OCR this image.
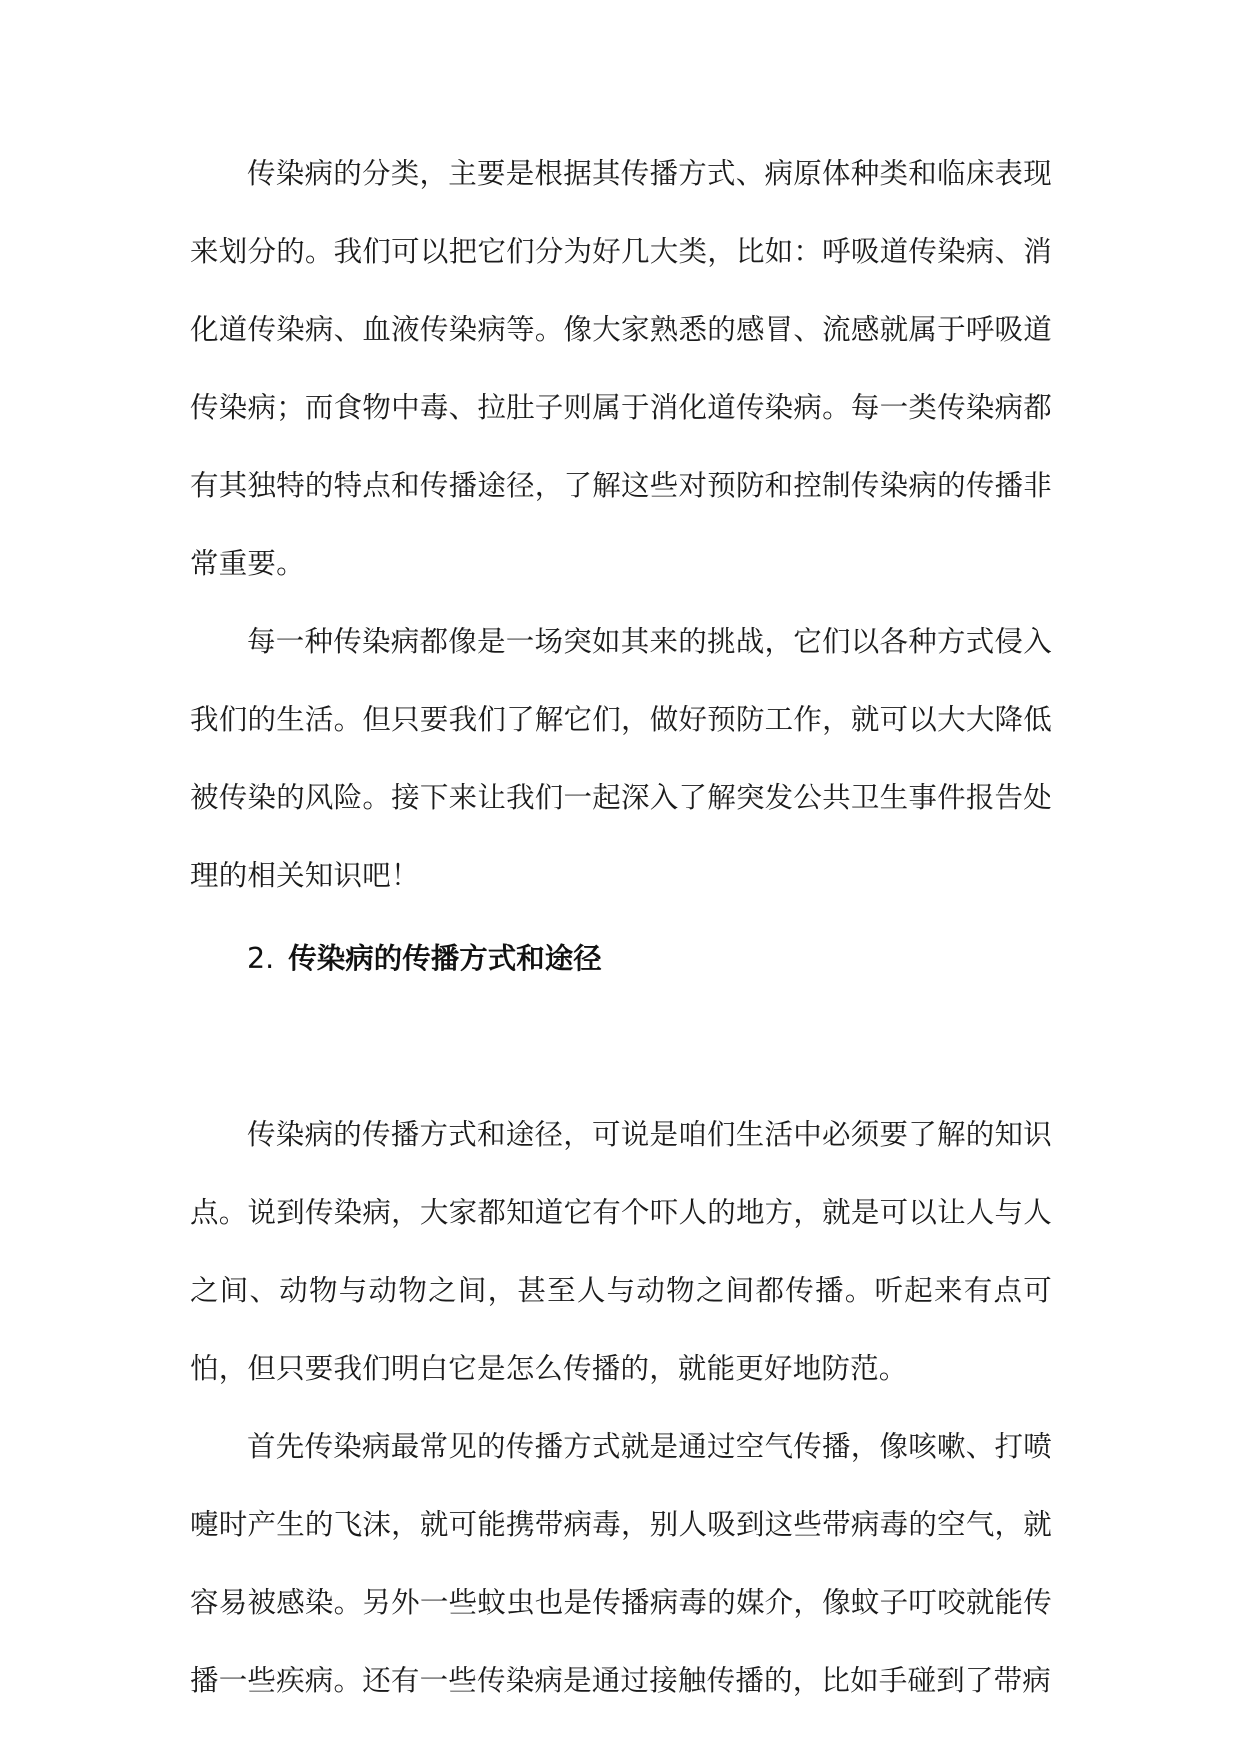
传染病的分类，主要是根据其传播方式、病原体种类和临床表现来划分的。我们可以把它们分为好几大类，比如：呼吸道传染病、消化道传染病、血液传染病等。像大家熟悉的感冒、流感就属于呼吸道传染病；而食物中毒、拉肚子则属于消化道传染病。每一类传染病都有其独特的特点和传播途径，了解这些对预防和控制传染病的传播非常重要。

每一种传染病都像是一场突如其来的挑战，它们以各种方式侵入我们的生活。但只要我们了解它们，做好预防工作，就可以大大降低被传染的风险。接下来让我们一起深入了解突发公共卫生事件报告处理的相关知识吧！

2. 传染病的传播方式和途径

传染病的传播方式和途径，可说是咱们生活中必须要了解的知识点。说到传染病，大家都知道它有个吓人的地方，就是可以让人与人之间、动物与动物之间，甚至人与动物之间都传播。听起来有点可怕，但只要我们明白它是怎么传播的，就能更好地防范。

首先传染病最常见的传播方式就是通过空气传播，像咳嗽、打喷嚏时产生的飞沫，就可能携带病毒，别人吸到这些带病毒的空气，就容易被感染。另外一些蚊虫也是传播病毒的媒介，像蚊子叮咬就能传播一些疾病。还有一些传染病是通过接触传播的，比如手碰到了带病
